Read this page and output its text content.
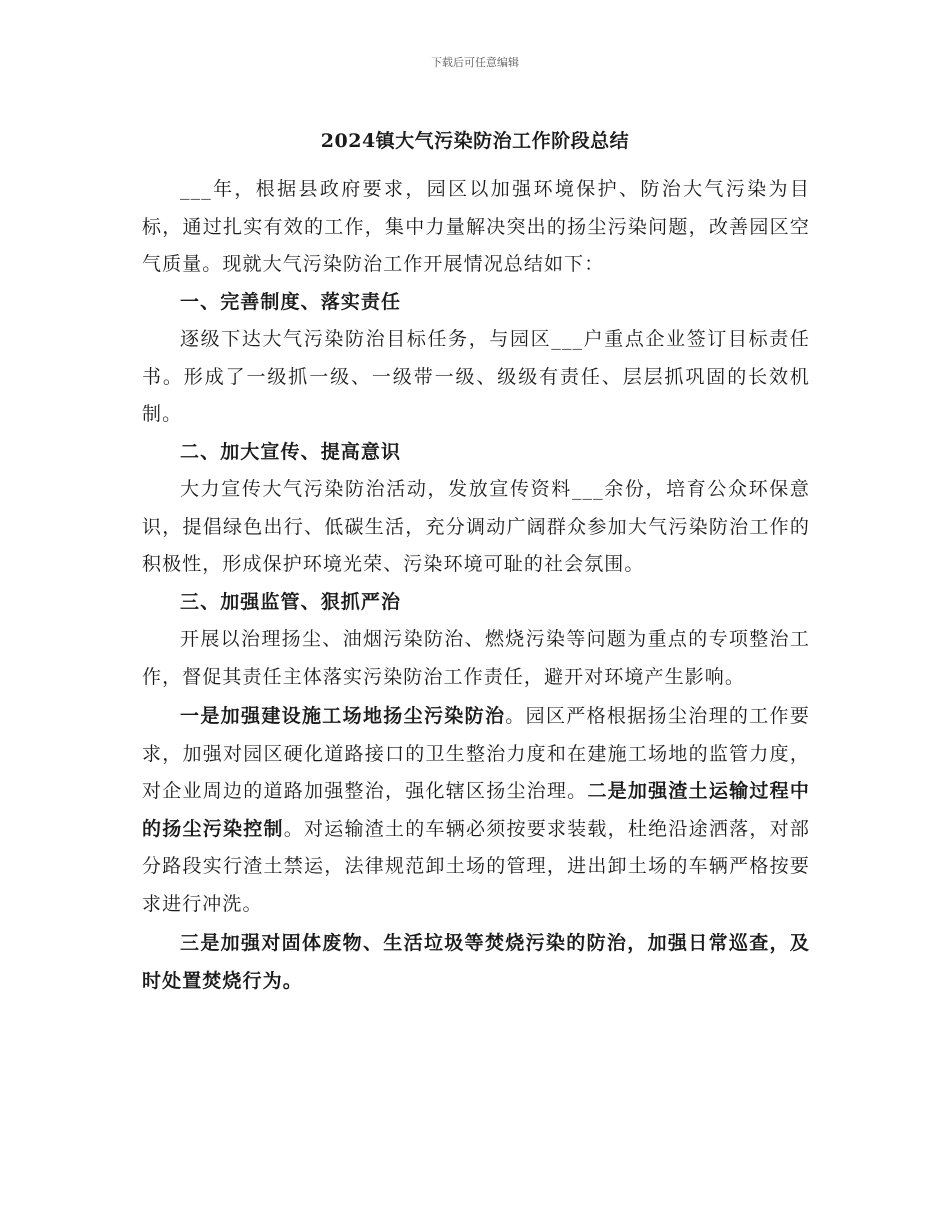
下载后可任意编辑
2024镇大气污染防治工作阶段总结

___年，根据县政府要求，园区以加强环境保护、防治大气污染为目标，通过扎实有效的工作，集中力量解决突出的扬尘污染问题，改善园区空气质量。现就大气污染防治工作开展情况总结如下：

一、完善制度、落实责任

逐级下达大气污染防治目标任务，与园区___户重点企业签订目标责任书。形成了一级抓一级、一级带一级、级级有责任、层层抓巩固的长效机制。

二、加大宣传、提高意识

大力宣传大气污染防治活动，发放宣传资料___余份，培育公众环保意识，提倡绿色出行、低碳生活，充分调动广阔群众参加大气污染防治工作的积极性，形成保护环境光荣、污染环境可耻的社会氛围。

三、加强监管、狠抓严治

开展以治理扬尘、油烟污染防治、燃烧污染等问题为重点的专项整治工作，督促其责任主体落实污染防治工作责任，避开对环境产生影响。

一是加强建设施工场地扬尘污染防治。园区严格根据扬尘治理的工作要求，加强对园区硬化道路接口的卫生整治力度和在建施工场地的监管力度，对企业周边的道路加强整治，强化辖区扬尘治理。二是加强渣土运输过程中的扬尘污染控制。对运输渣土的车辆必须按要求装载，杜绝沿途洒落，对部分路段实行渣土禁运，法律规范卸土场的管理，进出卸土场的车辆严格按要求进行冲洗。

三是加强对固体废物、生活垃圾等焚烧污染的防治，加强日常巡查，及时处置焚烧行为。
